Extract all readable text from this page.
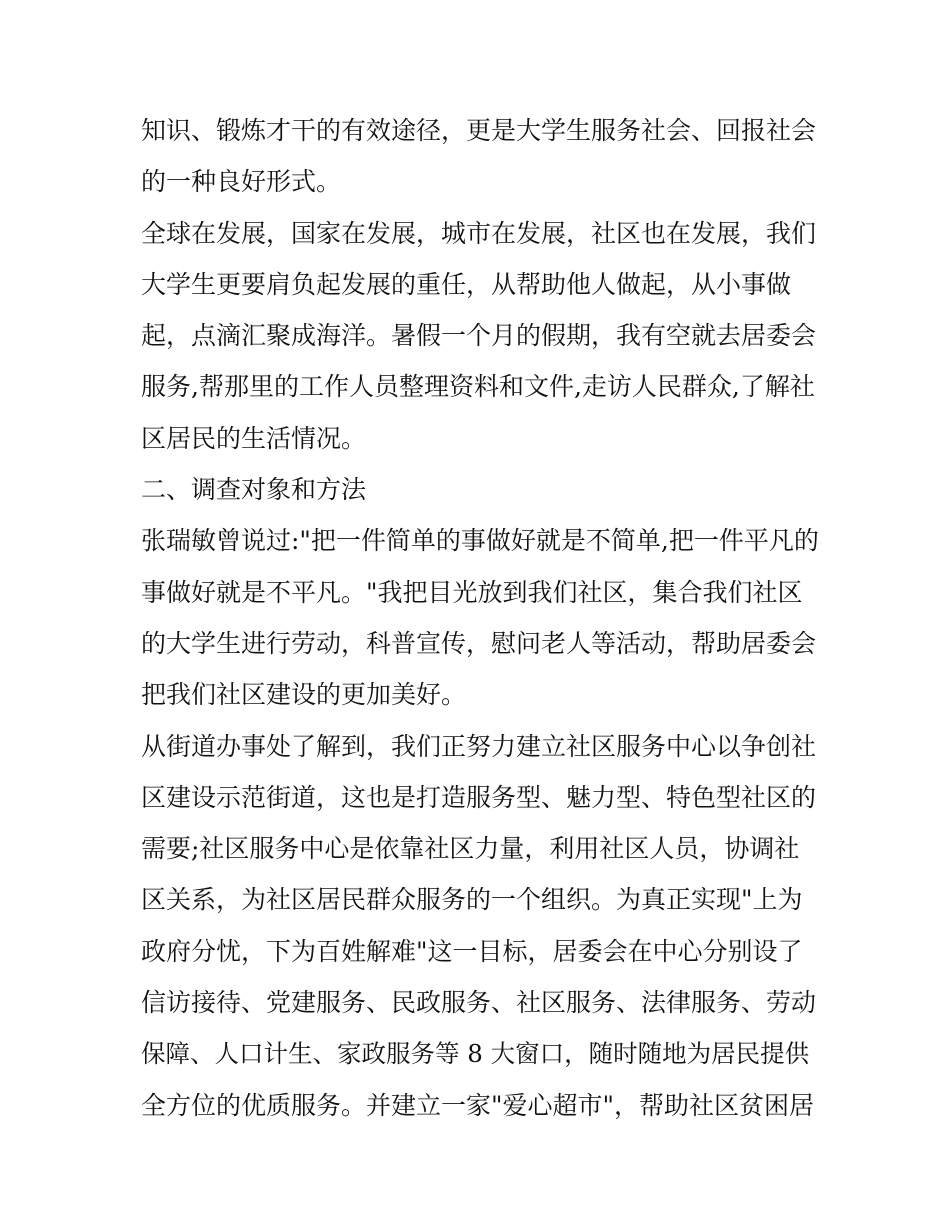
知识、锻炼才干的有效途径，更是大学生服务社会、回报社会
的一种良好形式。
全球在发展，国家在发展，城市在发展，社区也在发展，我们
大学生更要肩负起发展的重任，从帮助他人做起，从小事做
起，点滴汇聚成海洋。暑假一个月的假期，我有空就去居委会
服务,帮那里的工作人员整理资料和文件,走访人民群众,了解社
区居民的生活情况。
二、调查对象和方法
张瑞敏曾说过:"把一件简单的事做好就是不简单,把一件平凡的
事做好就是不平凡。"我把目光放到我们社区，集合我们社区
的大学生进行劳动，科普宣传，慰问老人等活动，帮助居委会
把我们社区建设的更加美好。
从街道办事处了解到，我们正努力建立社区服务中心以争创社
区建设示范街道，这也是打造服务型、魅力型、特色型社区的
需要;社区服务中心是依靠社区力量，利用社区人员，协调社
区关系，为社区居民群众服务的一个组织。为真正实现"上为
政府分忧，下为百姓解难"这一目标，居委会在中心分别设了
信访接待、党建服务、民政服务、社区服务、法律服务、劳动
保障、人口计生、家政服务等 8 大窗口，随时随地为居民提供
全方位的优质服务。并建立一家"爱心超市"，帮助社区贫困居
